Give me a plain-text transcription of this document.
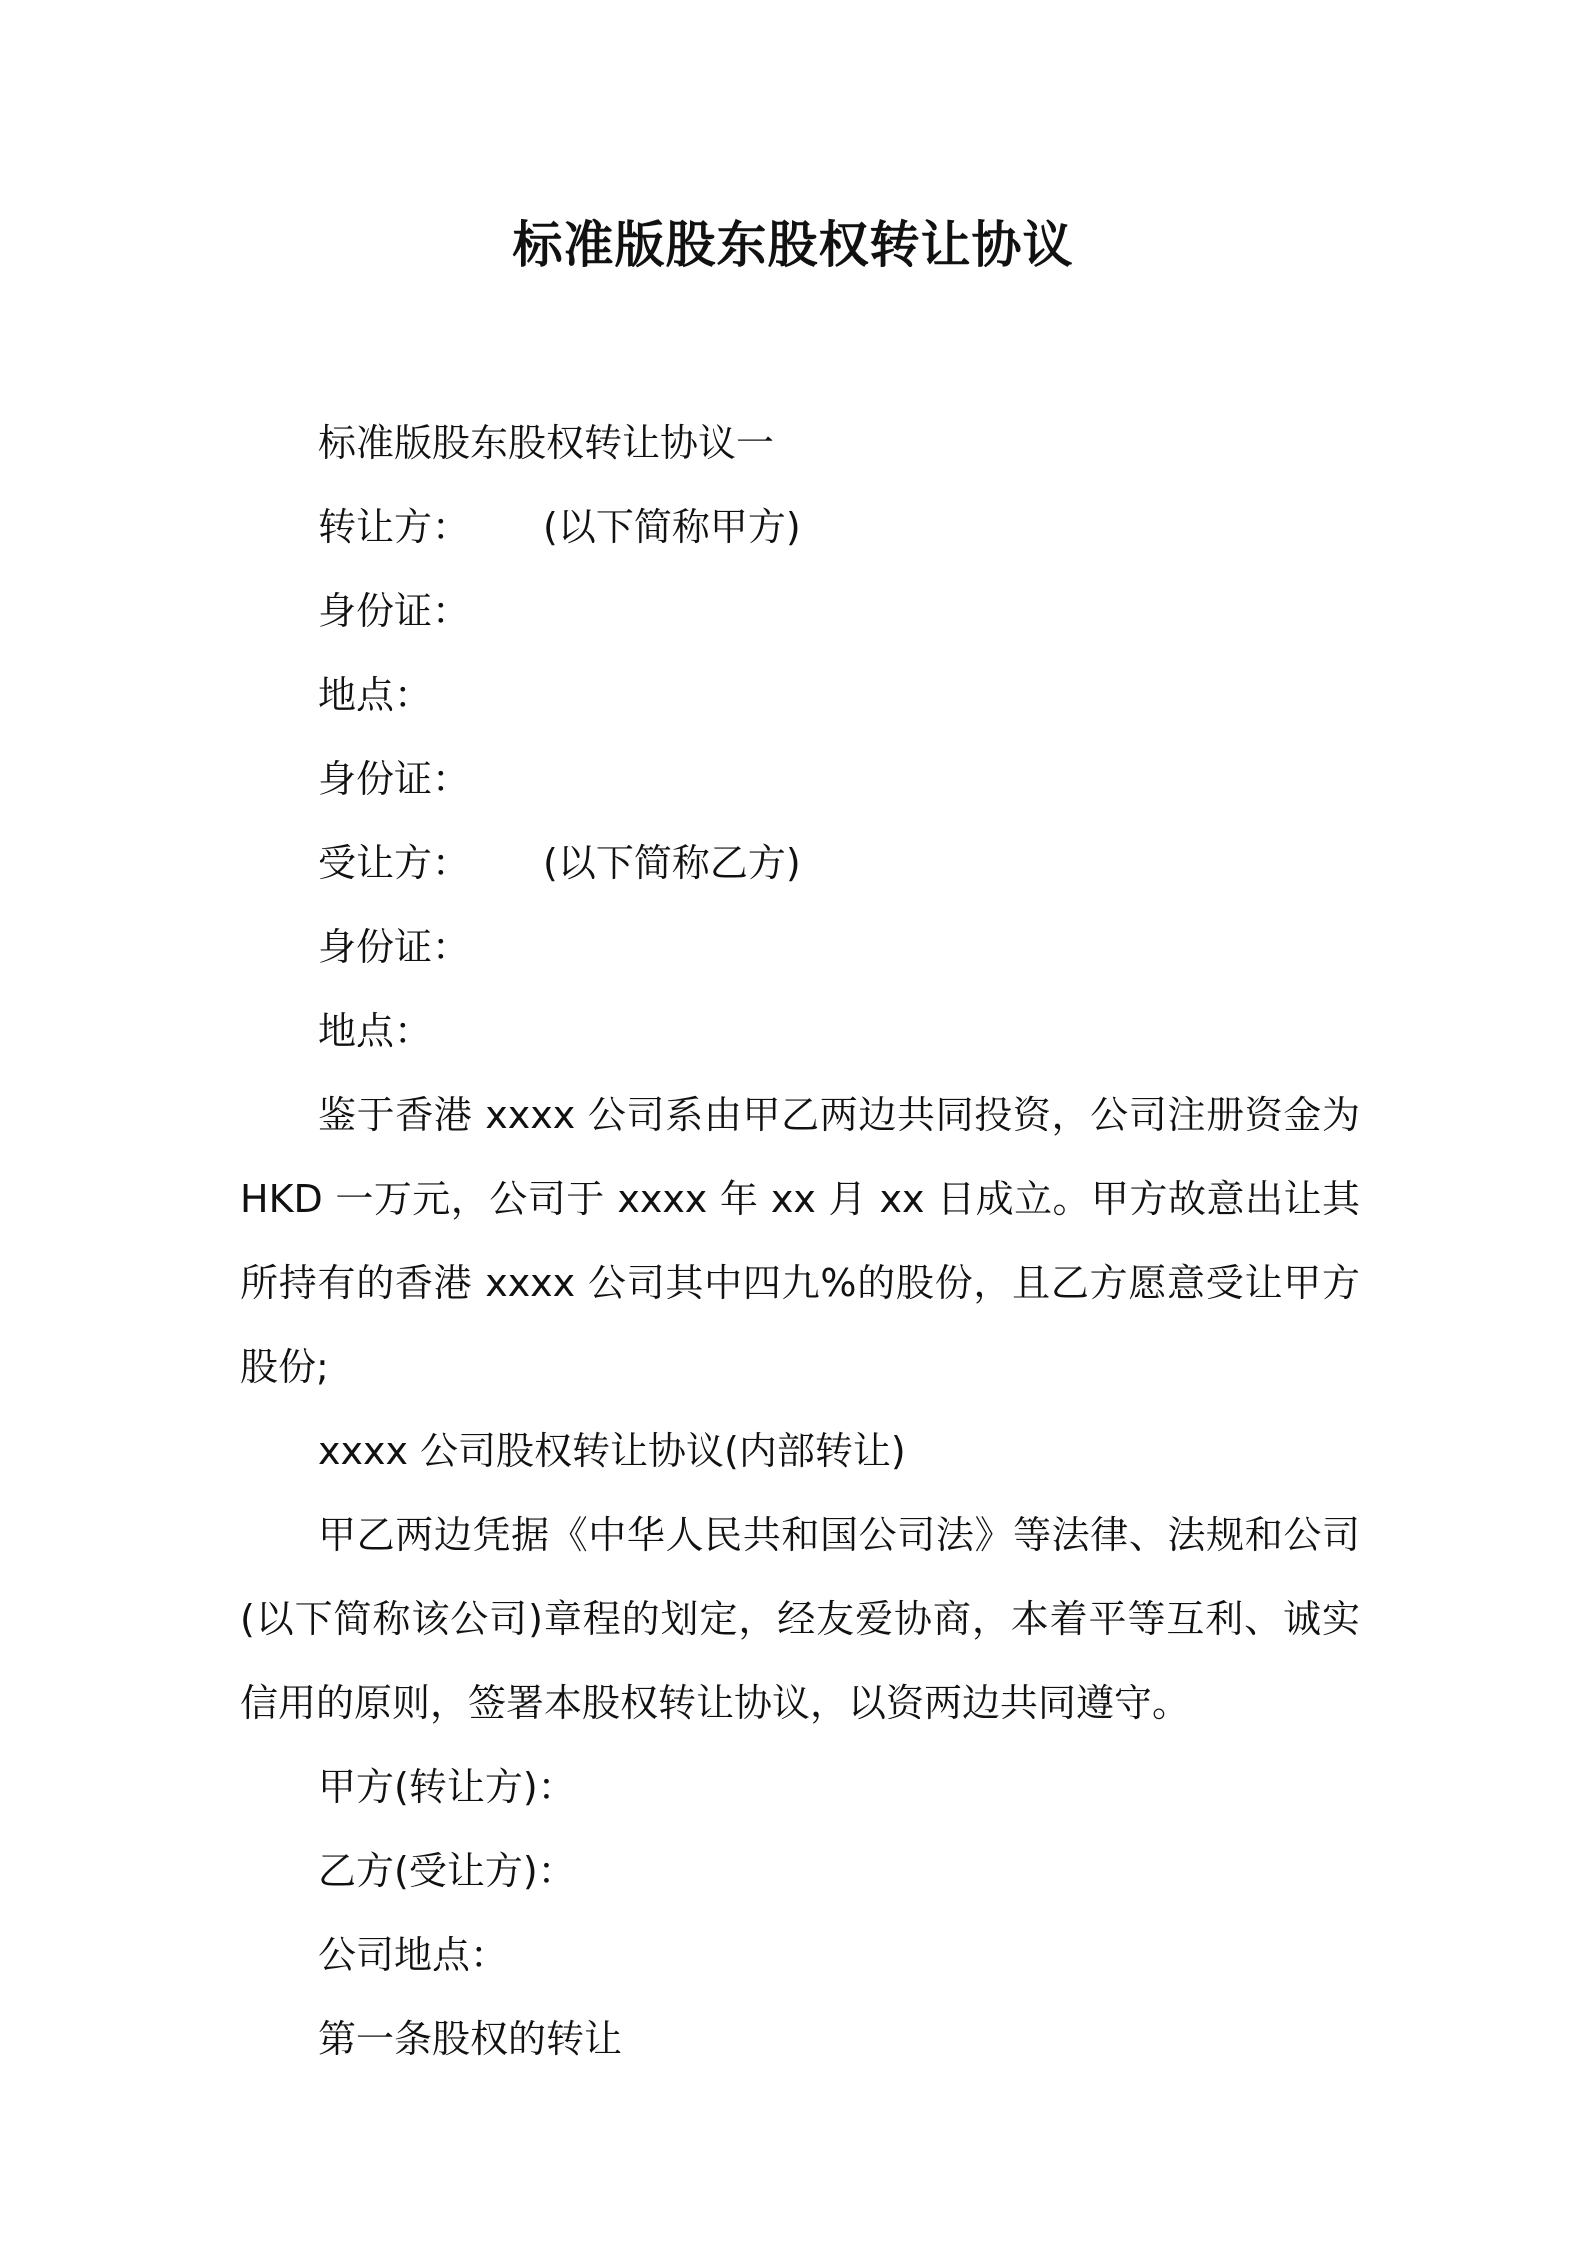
标准版股东股权转让协议

标准版股东股权转让协议一

转让方： (以下简称甲方)

身份证：

地点：

身份证：

受让方： (以下简称乙方)

身份证：

地点：

鉴于香港 xxxx 公司系由甲乙两边共同投资，公司注册资金为 HKD 一万元，公司于 xxxx 年 xx 月 xx 日成立。甲方故意出让其所持有的香港 xxxx 公司其中四九%的股份，且乙方愿意受让甲方股份;

xxxx 公司股权转让协议(内部转让)

甲乙两边凭据《中华人民共和国公司法》等法律、法规和公司(以下简称该公司)章程的划定，经友爱协商，本着平等互利、诚实信用的原则，签署本股权转让协议，以资两边共同遵守。

甲方(转让方)：

乙方(受让方)：

公司地点：

第一条股权的转让
